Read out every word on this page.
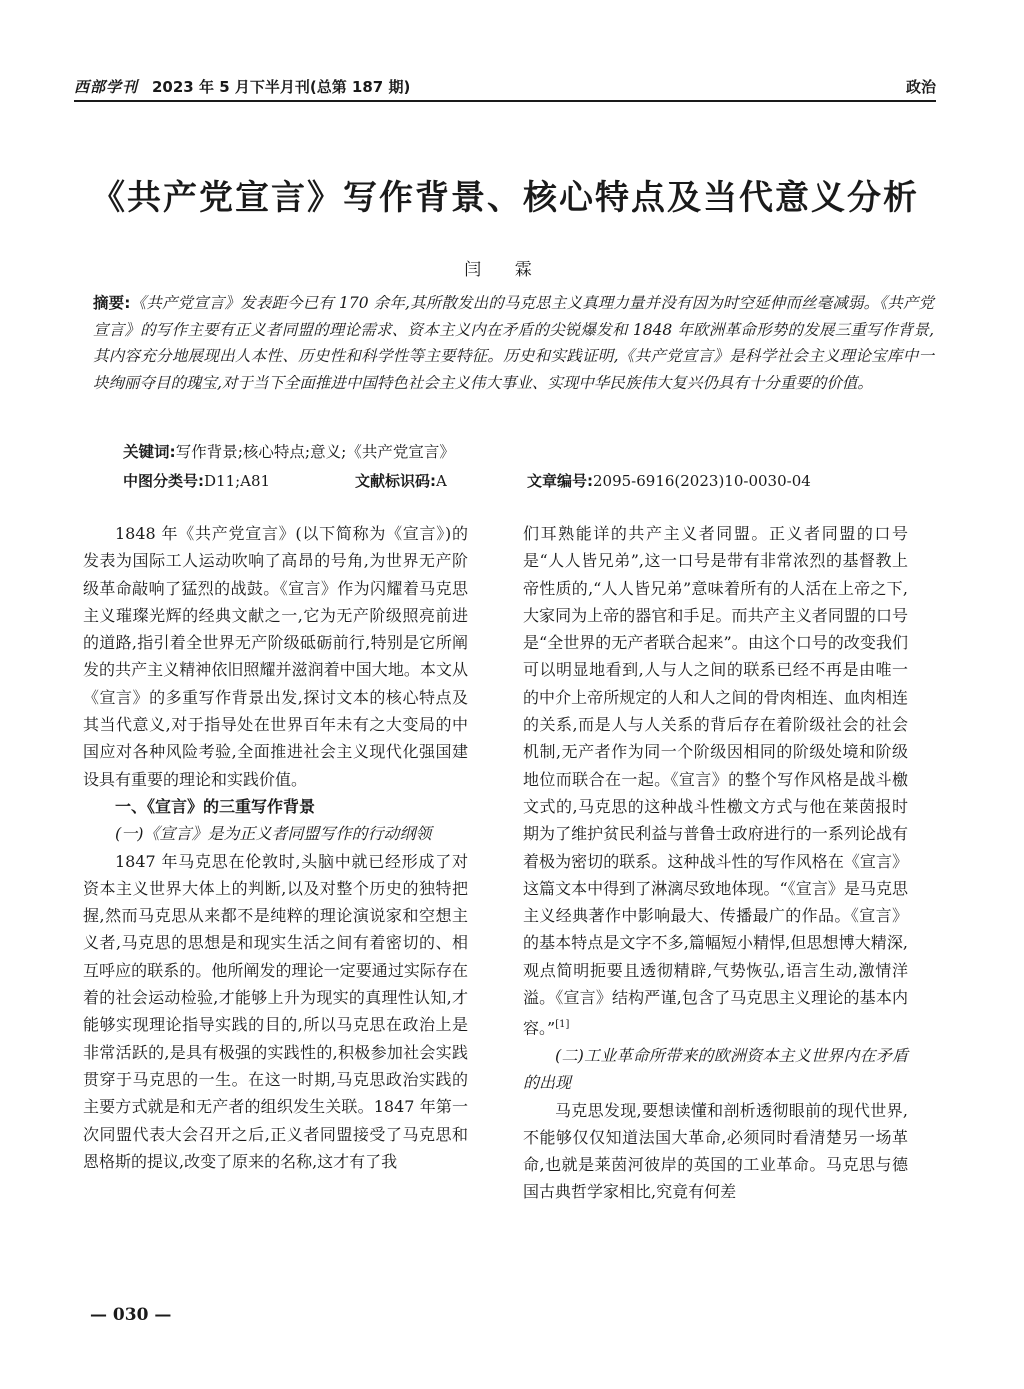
西部学刊 2023 年 5 月下半月刊(总第 187 期)	政治
《共产党宣言》写作背景、核心特点及当代意义分析
闫 霖
摘要:《共产党宣言》发表距今已有 170 余年,其所散发出的马克思主义真理力量并没有因为时空延伸而丝毫减弱。《共产党宣言》的写作主要有正义者同盟的理论需求、资本主义内在矛盾的尖锐爆发和 1848 年欧洲革命形势的发展三重写作背景,其内容充分地展现出人本性、历史性和科学性等主要特征。历史和实践证明,《共产党宣言》是科学社会主义理论宝库中一块绚丽夺目的瑰宝,对于当下全面推进中国特色社会主义伟大事业、实现中华民族伟大复兴仍具有十分重要的价值。
关键词:写作背景;核心特点;意义;《共产党宣言》
中图分类号:D11;A81	文献标识码:A	文章编号:2095-6916(2023)10-0030-04

1848 年《共产党宣言》(以下简称为《宣言》)的发表为国际工人运动吹响了高昂的号角,为世界无产阶级革命敲响了猛烈的战鼓。《宣言》作为闪耀着马克思主义璀璨光辉的经典文献之一,它为无产阶级照亮前进的道路,指引着全世界无产阶级砥砺前行,特别是它所阐发的共产主义精神依旧照耀并滋润着中国大地。本文从《宣言》的多重写作背景出发,探讨文本的核心特点及其当代意义,对于指导处在世界百年未有之大变局的中国应对各种风险考验,全面推进社会主义现代化强国建设具有重要的理论和实践价值。

一、《宣言》的三重写作背景
(一)《宣言》是为正义者同盟写作的行动纲领

1847 年马克思在伦敦时,头脑中就已经形成了对资本主义世界大体上的判断,以及对整个历史的独特把握,然而马克思从来都不是纯粹的理论演说家和空想主义者,马克思的思想是和现实生活之间有着密切的、相互呼应的联系的。他所阐发的理论一定要通过实际存在着的社会运动检验,才能够上升为现实的真理性认知,才能够实现理论指导实践的目的,所以马克思在政治上是非常活跃的,是具有极强的实践性的,积极参加社会实践贯穿于马克思的一生。在这一时期,马克思政治实践的主要方式就是和无产者的组织发生关联。1847 年第一次同盟代表大会召开之后,正义者同盟接受了马克思和恩格斯的提议,改变了原来的名称,这才有了我

们耳熟能详的共产主义者同盟。正义者同盟的口号是“人人皆兄弟”,这一口号是带有非常浓烈的基督教上帝性质的,“人人皆兄弟”意味着所有的人活在上帝之下,大家同为上帝的器官和手足。而共产主义者同盟的口号是“全世界的无产者联合起来”。由这个口号的改变我们可以明显地看到,人与人之间的联系已经不再是由唯一的中介上帝所规定的人和人之间的骨肉相连、血肉相连的关系,而是人与人关系的背后存在着阶级社会的社会机制,无产者作为同一个阶级因相同的阶级处境和阶级地位而联合在一起。《宣言》的整个写作风格是战斗檄文式的,马克思的这种战斗性檄文方式与他在莱茵报时期为了维护贫民利益与普鲁士政府进行的一系列论战有着极为密切的联系。这种战斗性的写作风格在《宣言》这篇文本中得到了淋漓尽致地体现。“《宣言》是马克思主义经典著作中影响最大、传播最广的作品。《宣言》的基本特点是文字不多,篇幅短小精悍,但思想博大精深,观点简明扼要且透彻精辟,气势恢弘,语言生动,激情洋溢。《宣言》结构严谨,包含了马克思主义理论的基本内容。”[1]

(二)工业革命所带来的欧洲资本主义世界内在矛盾的出现

马克思发现,要想读懂和剖析透彻眼前的现代世界,不能够仅仅知道法国大革命,必须同时看清楚另一场革命,也就是莱茵河彼岸的英国的工业革命。马克思与德国古典哲学家相比,究竟有何差

— 030 —
